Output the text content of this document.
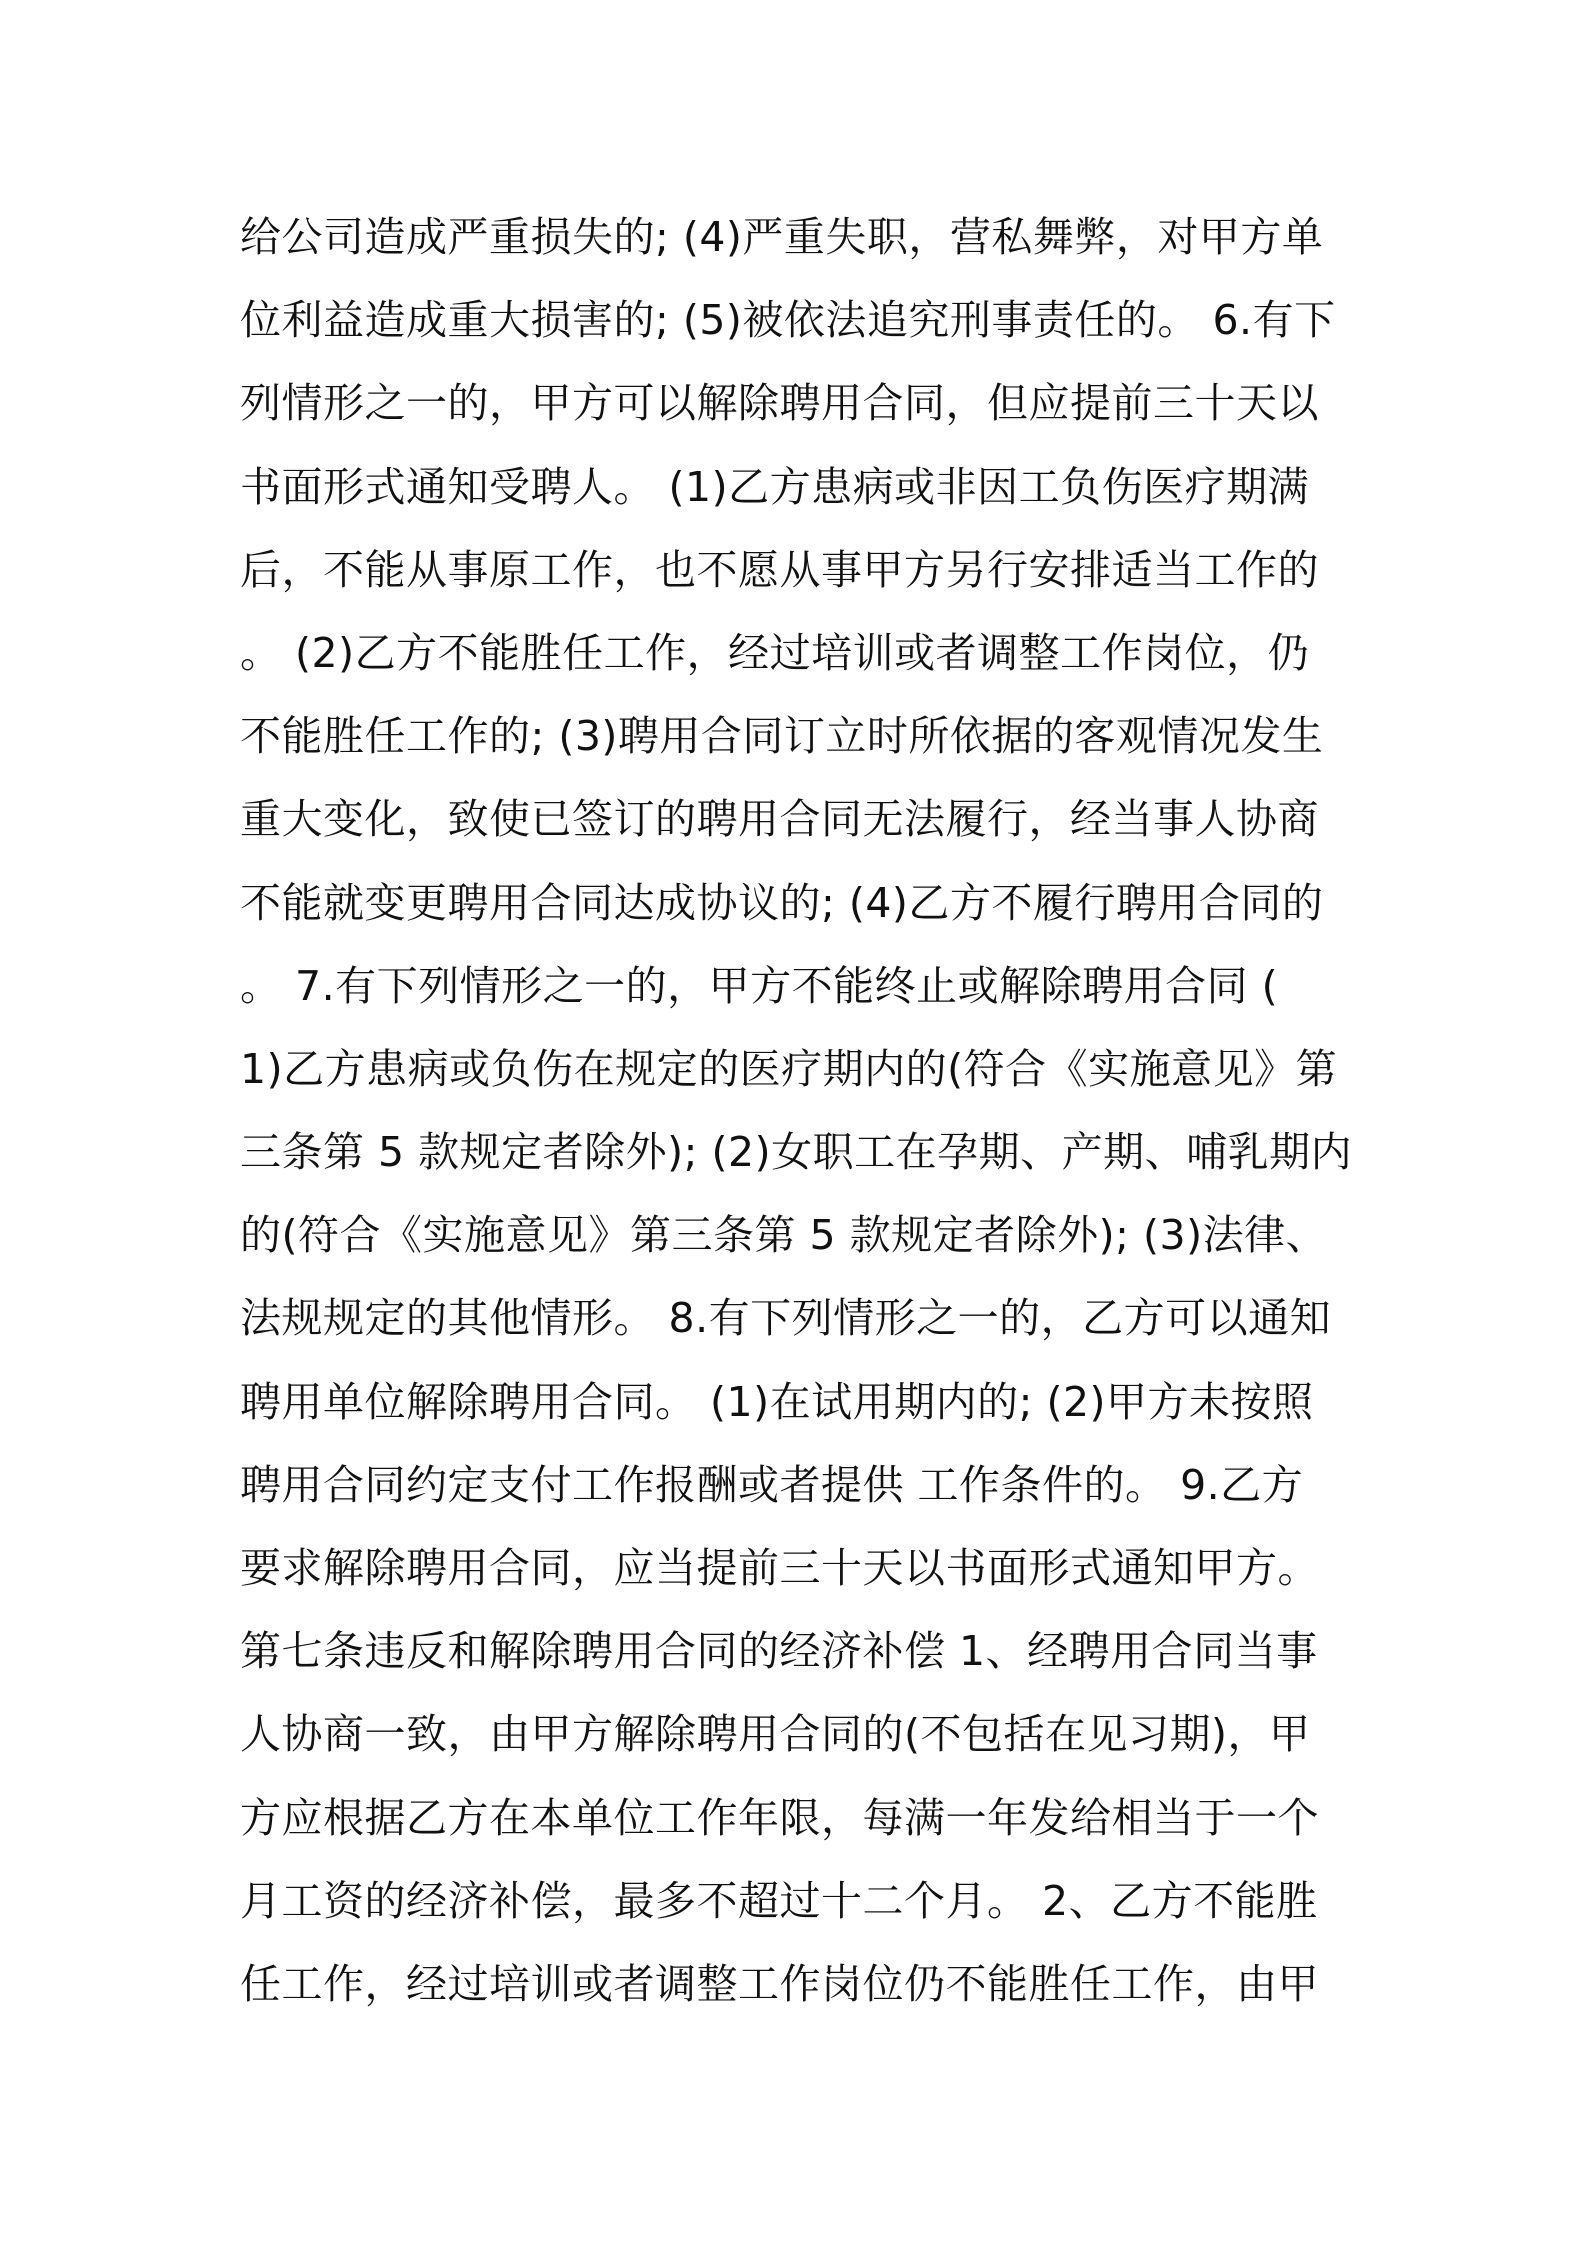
给公司造成严重损失的; (4)严重失职，营私舞弊，对甲方单
位利益造成重大损害的; (5)被依法追究刑事责任的。 6.有下
列情形之一的，甲方可以解除聘用合同，但应提前三十天以
书面形式通知受聘人。 (1)乙方患病或非因工负伤医疗期满
后，不能从事原工作，也不愿从事甲方另行安排适当工作的
。 (2)乙方不能胜任工作，经过培训或者调整工作岗位，仍
不能胜任工作的; (3)聘用合同订立时所依据的客观情况发生
重大变化，致使已签订的聘用合同无法履行，经当事人协商
不能就变更聘用合同达成协议的; (4)乙方不履行聘用合同的
。 7.有下列情形之一的，甲方不能终止或解除聘用合同 (
1)乙方患病或负伤在规定的医疗期内的(符合《实施意见》第
三条第 5 款规定者除外); (2)女职工在孕期、产期、哺乳期内
的(符合《实施意见》第三条第 5 款规定者除外); (3)法律、
法规规定的其他情形。 8.有下列情形之一的，乙方可以通知
聘用单位解除聘用合同。 (1)在试用期内的; (2)甲方未按照
聘用合同约定支付工作报酬或者提供 工作条件的。 9.乙方
要求解除聘用合同，应当提前三十天以书面形式通知甲方。
第七条违反和解除聘用合同的经济补偿 1、经聘用合同当事
人协商一致，由甲方解除聘用合同的(不包括在见习期)，甲
方应根据乙方在本单位工作年限，每满一年发给相当于一个
月工资的经济补偿，最多不超过十二个月。 2、乙方不能胜
任工作，经过培训或者调整工作岗位仍不能胜任工作，由甲
